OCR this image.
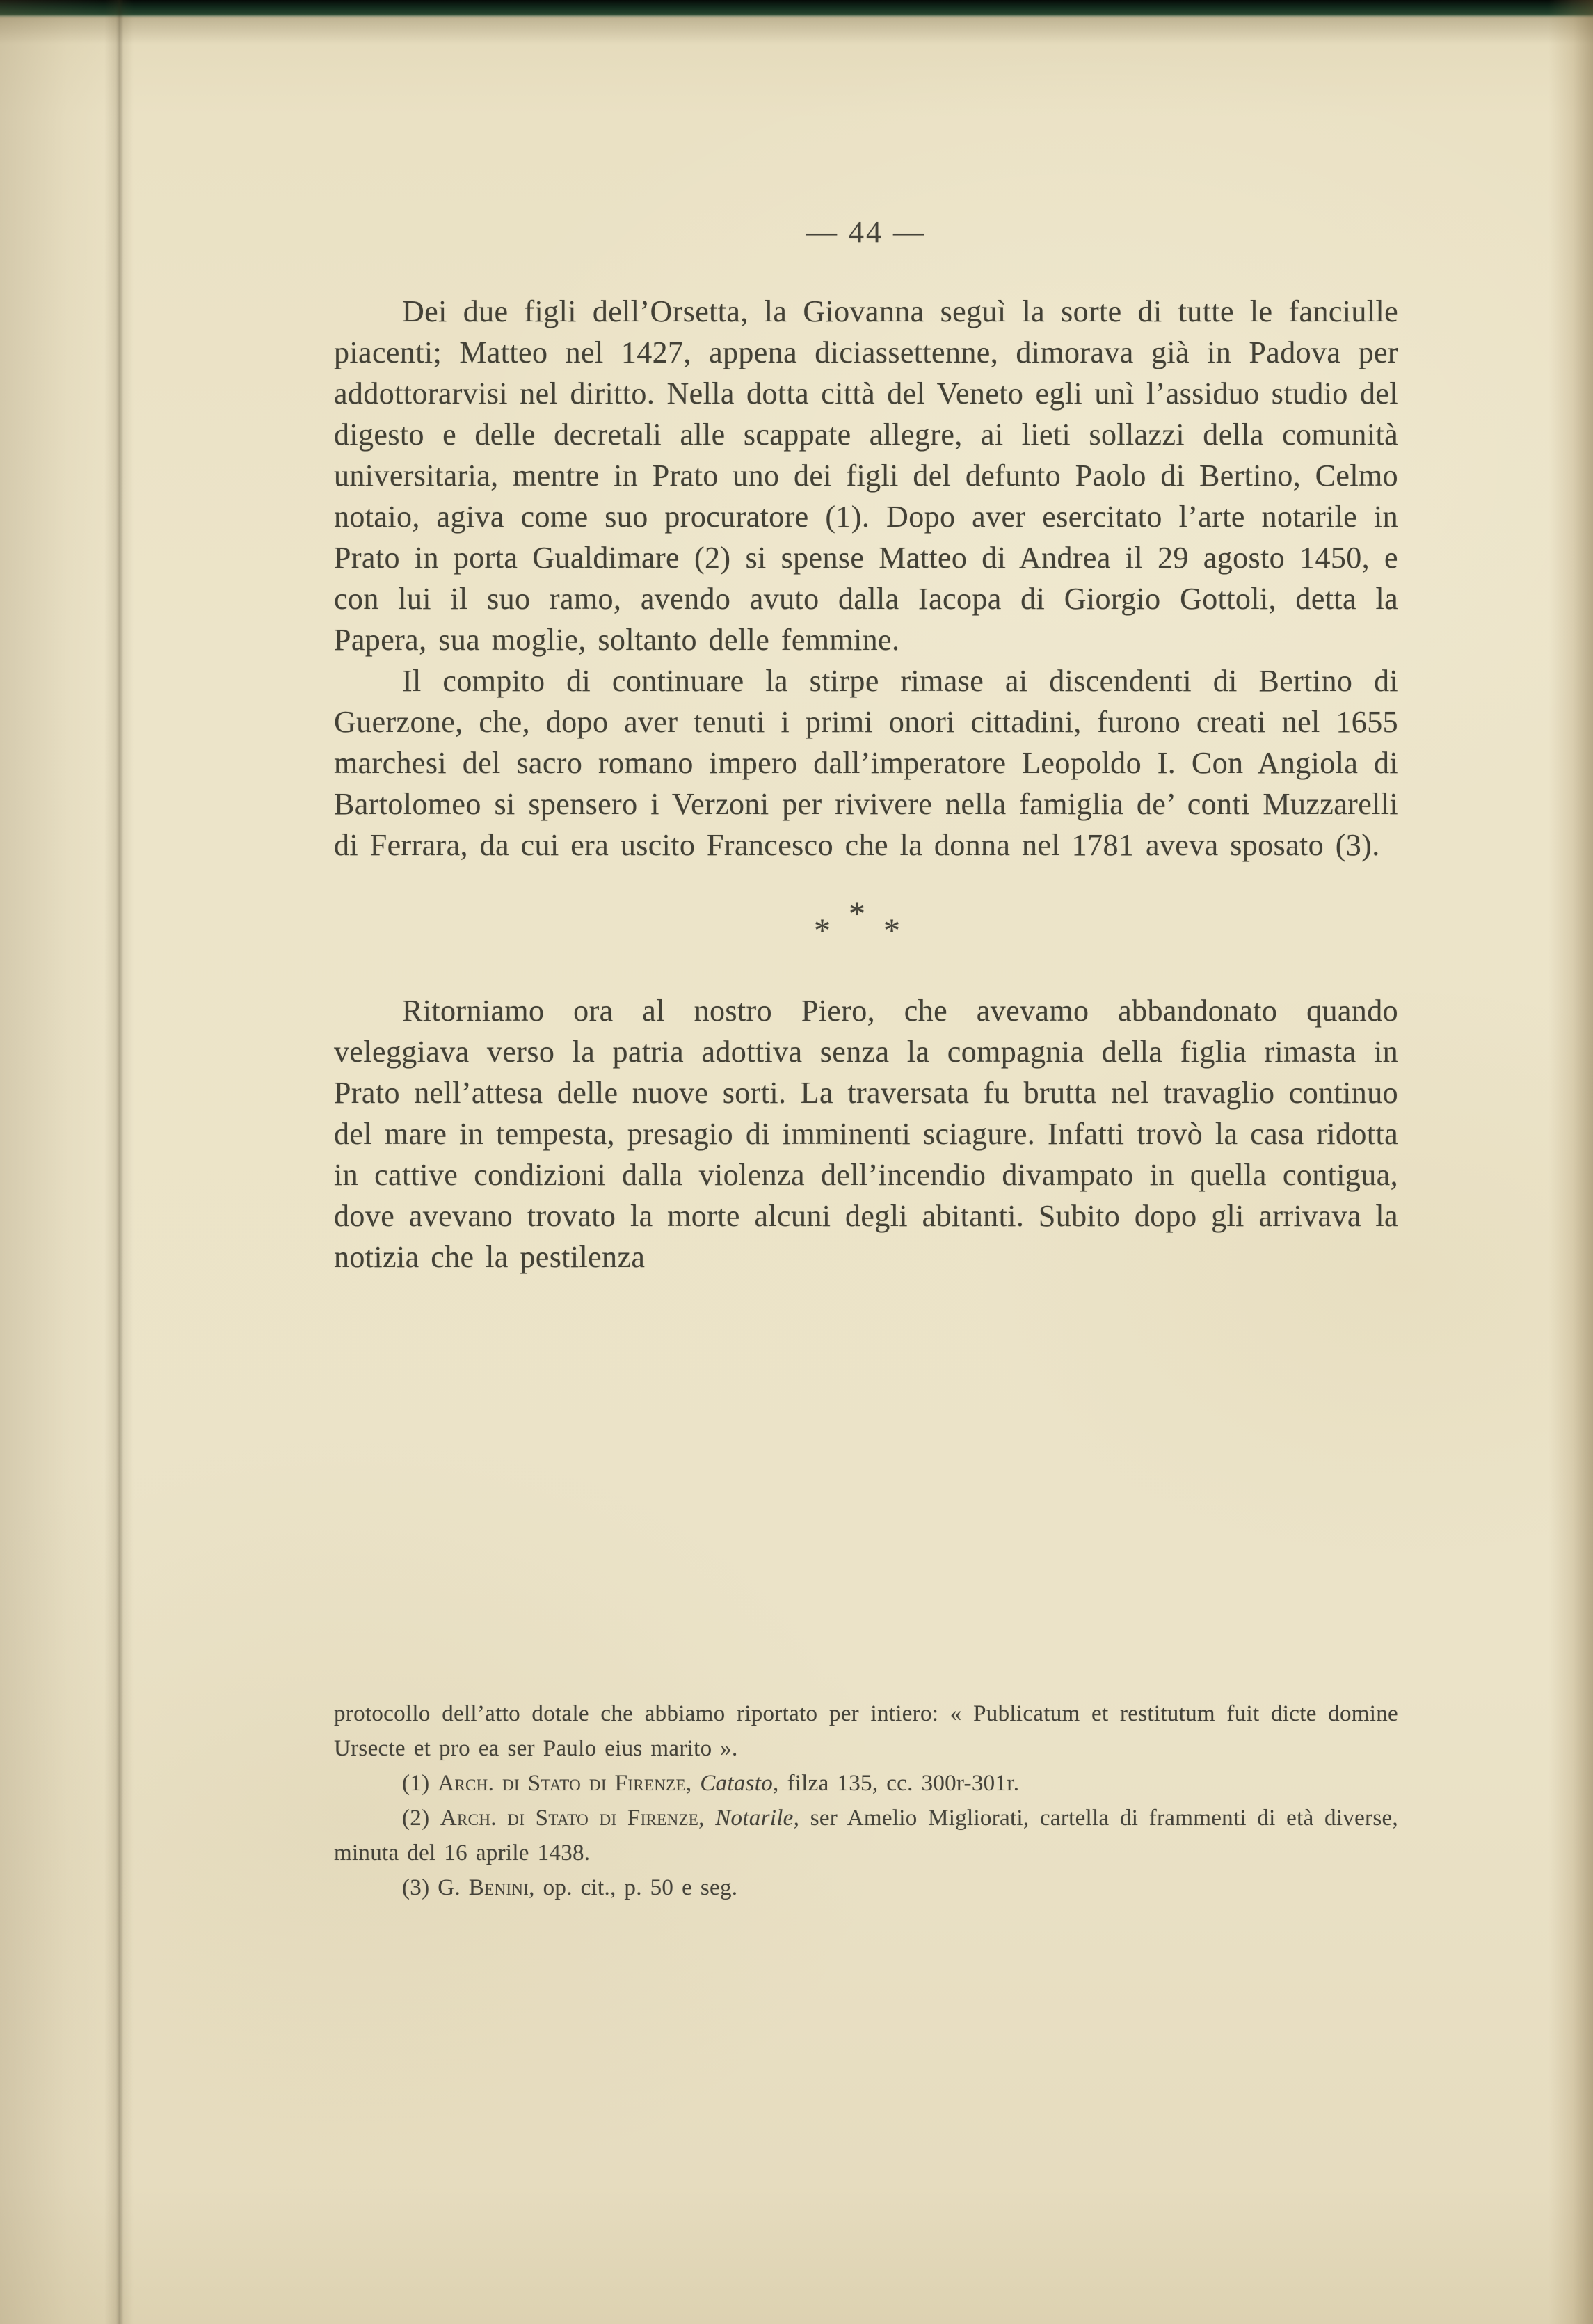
— 44 —

Dei due figli dell’Orsetta, la Giovanna seguì la sorte di tutte le fanciulle piacenti; Matteo nel 1427, appena diciassettenne, dimorava già in Padova per addottorarvisi nel diritto. Nella dotta città del Veneto egli unì l’assiduo studio del digesto e delle decretali alle scappate allegre, ai lieti sollazzi della comunità universitaria, mentre in Prato uno dei figli del defunto Paolo di Bertino, Celmo notaio, agiva come suo procuratore (1). Dopo aver esercitato l’arte notarile in Prato in porta Gualdimare (2) si spense Matteo di Andrea il 29 agosto 1450, e con lui il suo ramo, avendo avuto dalla Iacopa di Giorgio Gottoli, detta la Papera, sua moglie, soltanto delle femmine.

Il compito di continuare la stirpe rimase ai discendenti di Bertino di Guerzone, che, dopo aver tenuti i primi onori cittadini, furono creati nel 1655 marchesi del sacro romano impero dall’imperatore Leopoldo I. Con Angiola di Bartolomeo si spensero i Verzoni per rivivere nella famiglia de’ conti Muzzarelli di Ferrara, da cui era uscito Francesco che la donna nel 1781 aveva sposato (3).

***

Ritorniamo ora al nostro Piero, che avevamo abbandonato quando veleggiava verso la patria adottiva senza la compagnia della figlia rimasta in Prato nell’attesa delle nuove sorti. La traversata fu brutta nel travaglio continuo del mare in tempesta, presagio di imminenti sciagure. Infatti trovò la casa ridotta in cattive condizioni dalla violenza dell’incendio divampato in quella contigua, dove avevano trovato la morte alcuni degli abitanti. Subito dopo gli arrivava la notizia che la pestilenza

protocollo dell’atto dotale che abbiamo riportato per intiero: « Publicatum et restitutum fuit dicte domine Ursecte et pro ea ser Paulo eius marito ».

(1) Arch. di Stato di Firenze, Catasto, filza 135, cc. 300r-301r.

(2) Arch. di Stato di Firenze, Notarile, ser Amelio Migliorati, cartella di frammenti di età diverse, minuta del 16 aprile 1438.

(3) G. Benini, op. cit., p. 50 e seg.
